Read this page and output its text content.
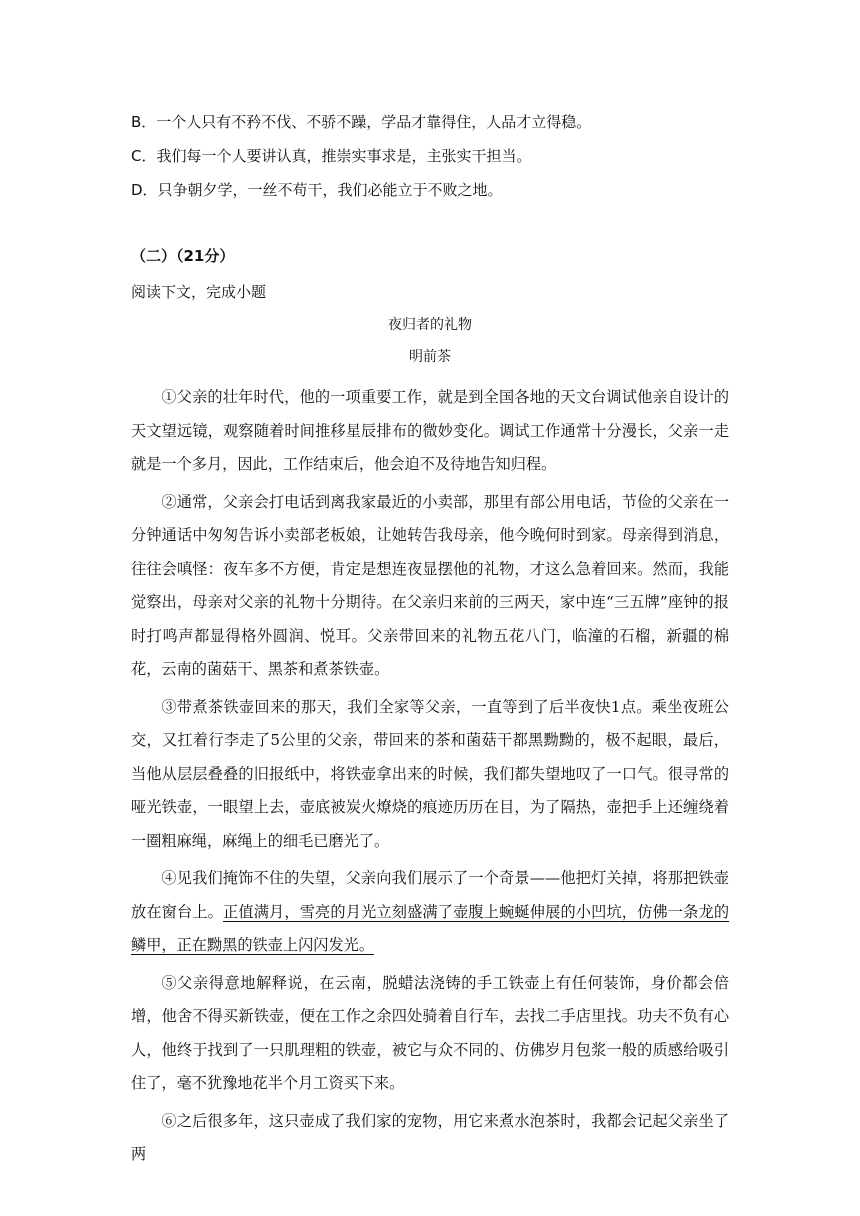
B．一个人只有不矜不伐、不骄不躁，学品才靠得住，人品才立得稳。
C．我们每一个人要讲认真，推崇实事求是，主张实干担当。
D．只争朝夕学，一丝不苟干，我们必能立于不败之地。
（二）（21分）
阅读下文，完成小题
夜归者的礼物
明前茶

①父亲的壮年时代，他的一项重要工作，就是到全国各地的天文台调试他亲自设计的天文望远镜，观察随着时间推移星辰排布的微妙变化。调试工作通常十分漫长，父亲一走就是一个多月，因此，工作结束后，他会迫不及待地告知归程。

②通常，父亲会打电话到离我家最近的小卖部，那里有部公用电话，节俭的父亲在一分钟通话中匆匆告诉小卖部老板娘，让她转告我母亲，他今晚何时到家。母亲得到消息，往往会嗔怪：夜车多不方便，肯定是想连夜显摆他的礼物，才这么急着回来。然而，我能觉察出，母亲对父亲的礼物十分期待。在父亲归来前的三两天，家中连“三五牌”座钟的报时打鸣声都显得格外圆润、悦耳。父亲带回来的礼物五花八门，临潼的石榴，新疆的棉花，云南的菌菇干、黑茶和煮茶铁壶。

③带煮茶铁壶回来的那天，我们全家等父亲，一直等到了后半夜快1点。乘坐夜班公交，又扛着行李走了5公里的父亲，带回来的茶和菌菇干都黑黝黝的，极不起眼，最后，当他从层层叠叠的旧报纸中，将铁壶拿出来的时候，我们都失望地叹了一口气。很寻常的哑光铁壶，一眼望上去，壶底被炭火燎烧的痕迹历历在目，为了隔热，壶把手上还缠绕着一圈粗麻绳，麻绳上的细毛已磨光了。

④见我们掩饰不住的失望，父亲向我们展示了一个奇景——他把灯关掉，将那把铁壶放在窗台上。正值满月，雪亮的月光立刻盛满了壶腹上蜿蜒伸展的小凹坑，仿佛一条龙的鳞甲，正在黝黑的铁壶上闪闪发光。

⑤父亲得意地解释说，在云南，脱蜡法浇铸的手工铁壶上有任何装饰，身价都会倍增，他舍不得买新铁壶，便在工作之余四处骑着自行车，去找二手店里找。功夫不负有心人，他终于找到了一只肌理粗的铁壶，被它与众不同的、仿佛岁月包浆一般的质感给吸引住了，毫不犹豫地花半个月工资买下来。

⑥之后很多年，这只壶成了我们家的宠物，用它来煮水泡茶时，我都会记起父亲坐了两
